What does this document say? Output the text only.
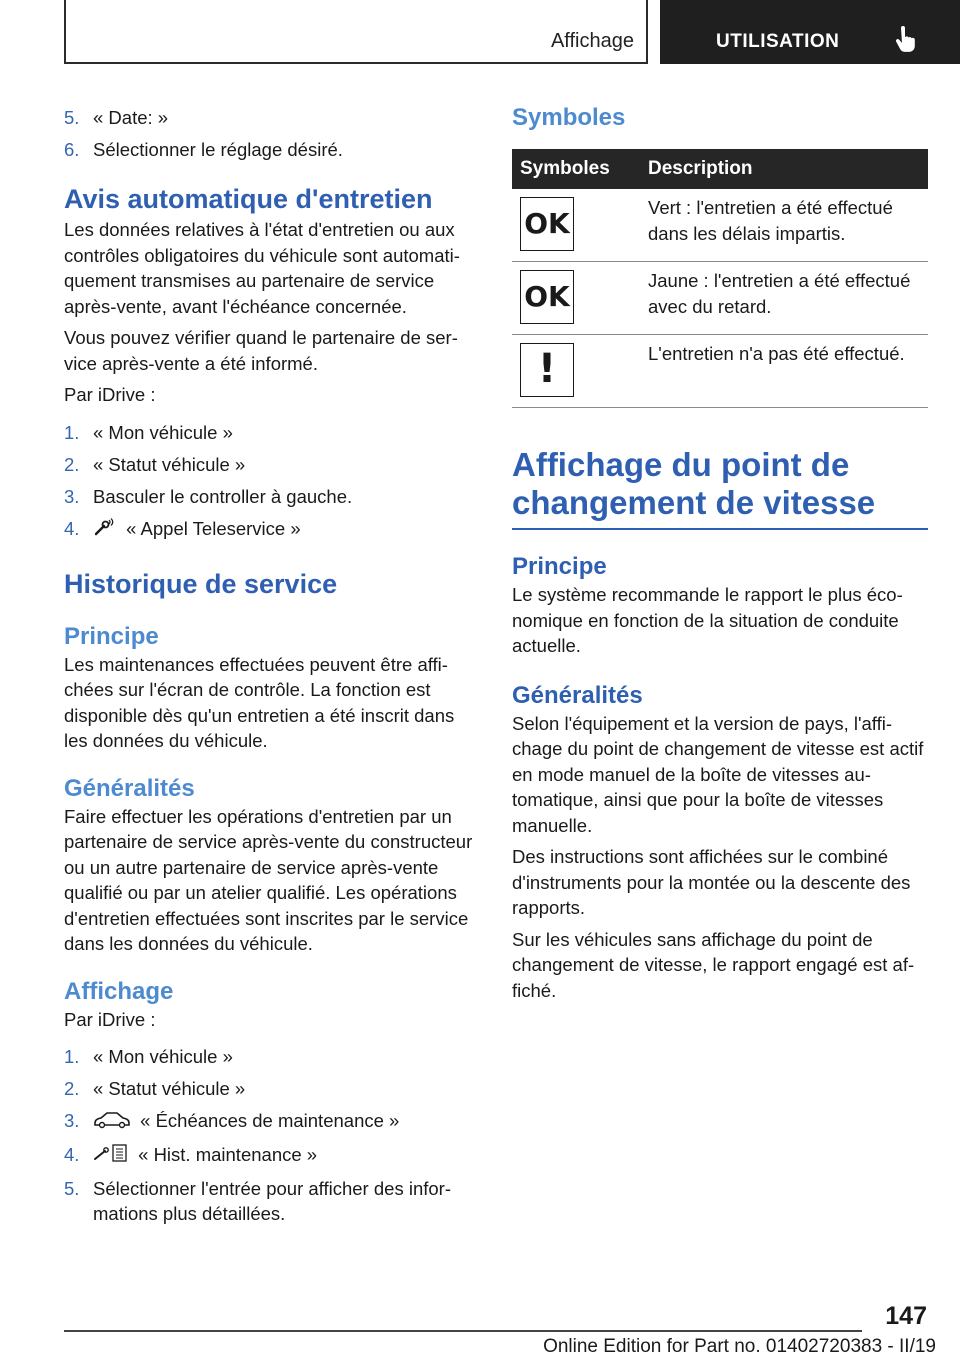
Affichage	UTILISATION
5. « Date: »
6. Sélectionner le réglage désiré.
Avis automatique d'entretien

Les données relatives à l'état d'entretien ou aux contrôles obligatoires du véhicule sont automatiquement transmises au partenaire de service après-vente, avant l'échéance concernée.

Vous pouvez vérifier quand le partenaire de service après-vente a été informé.

Par iDrive :

1. « Mon véhicule »
2. « Statut véhicule »
3. Basculer le controller à gauche.
4.	« Appel Teleservice »
Historique de service
Principe

Les maintenances effectuées peuvent être affichées sur l'écran de contrôle. La fonction est disponible dès qu'un entretien a été inscrit dans les données du véhicule.

Généralités

Faire effectuer les opérations d'entretien par un partenaire de service après-vente du constructeur ou un autre partenaire de service après-vente qualifié ou par un atelier qualifié. Les opérations d'entretien effectuées sont inscrites par le service dans les données du véhicule.

Affichage

Par iDrive :

1. « Mon véhicule »
2. « Statut véhicule »
3.	« Échéances de maintenance »
4.	« Hist. maintenance »
5. Sélectionner l'entrée pour afficher des informations plus détaillées.
Symboles
Symboles	Description

OK	Vert : l'entretien a été effectué dans les délais impartis.

OK	Jaune : l'entretien a été effectué avec du retard.

!	L'entretien n'a pas été effectué.
Affichage du point de changement de vitesse
Principe

Le système recommande le rapport le plus économique en fonction de la situation de conduite actuelle.

Généralités

Selon l'équipement et la version de pays, l'affichage du point de changement de vitesse est actif en mode manuel de la boîte de vitesses automatique, ainsi que pour la boîte de vitesses manuelle.

Des instructions sont affichées sur le combiné d'instruments pour la montée ou la descente des rapports.

Sur les véhicules sans affichage du point de changement de vitesse, le rapport engagé est affiché.

147
Online Edition for Part no. 01402720383 - II/19
